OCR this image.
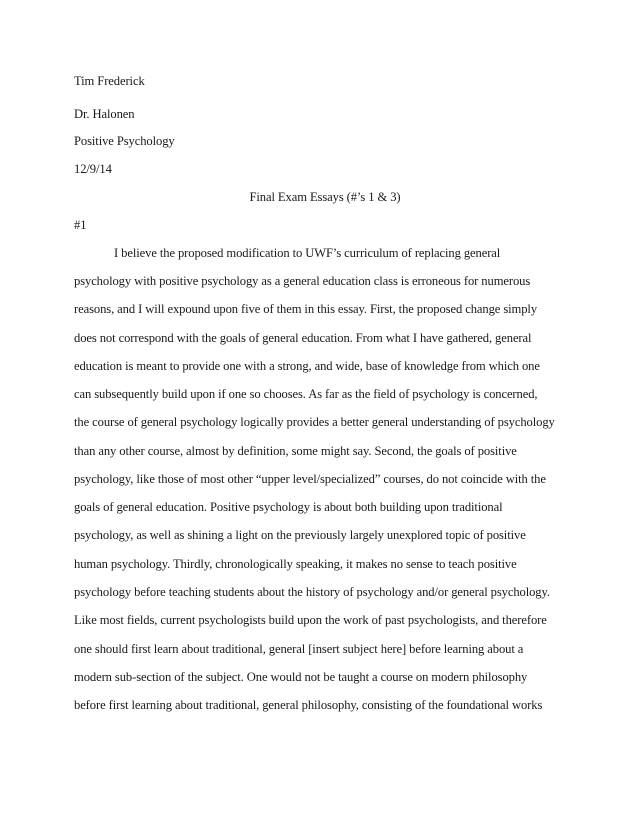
Tim Frederick
Dr. Halonen
Positive Psychology
12/9/14
Final Exam Essays (#’s 1 & 3)
#1
I believe the proposed modification to UWF’s curriculum of replacing general
psychology with positive psychology as a general education class is erroneous for numerous
reasons, and I will expound upon five of them in this essay. First, the proposed change simply
does not correspond with the goals of general education. From what I have gathered, general
education is meant to provide one with a strong, and wide, base of knowledge from which one
can subsequently build upon if one so chooses. As far as the field of psychology is concerned,
the course of general psychology logically provides a better general understanding of psychology
than any other course, almost by definition, some might say. Second, the goals of positive
psychology, like those of most other “upper level/specialized” courses, do not coincide with the
goals of general education. Positive psychology is about both building upon traditional
psychology, as well as shining a light on the previously largely unexplored topic of positive
human psychology. Thirdly, chronologically speaking, it makes no sense to teach positive
psychology before teaching students about the history of psychology and/or general psychology.
Like most fields, current psychologists build upon the work of past psychologists, and therefore
one should first learn about traditional, general [insert subject here] before learning about a
modern sub-section of the subject. One would not be taught a course on modern philosophy
before first learning about traditional, general philosophy, consisting of the foundational works
